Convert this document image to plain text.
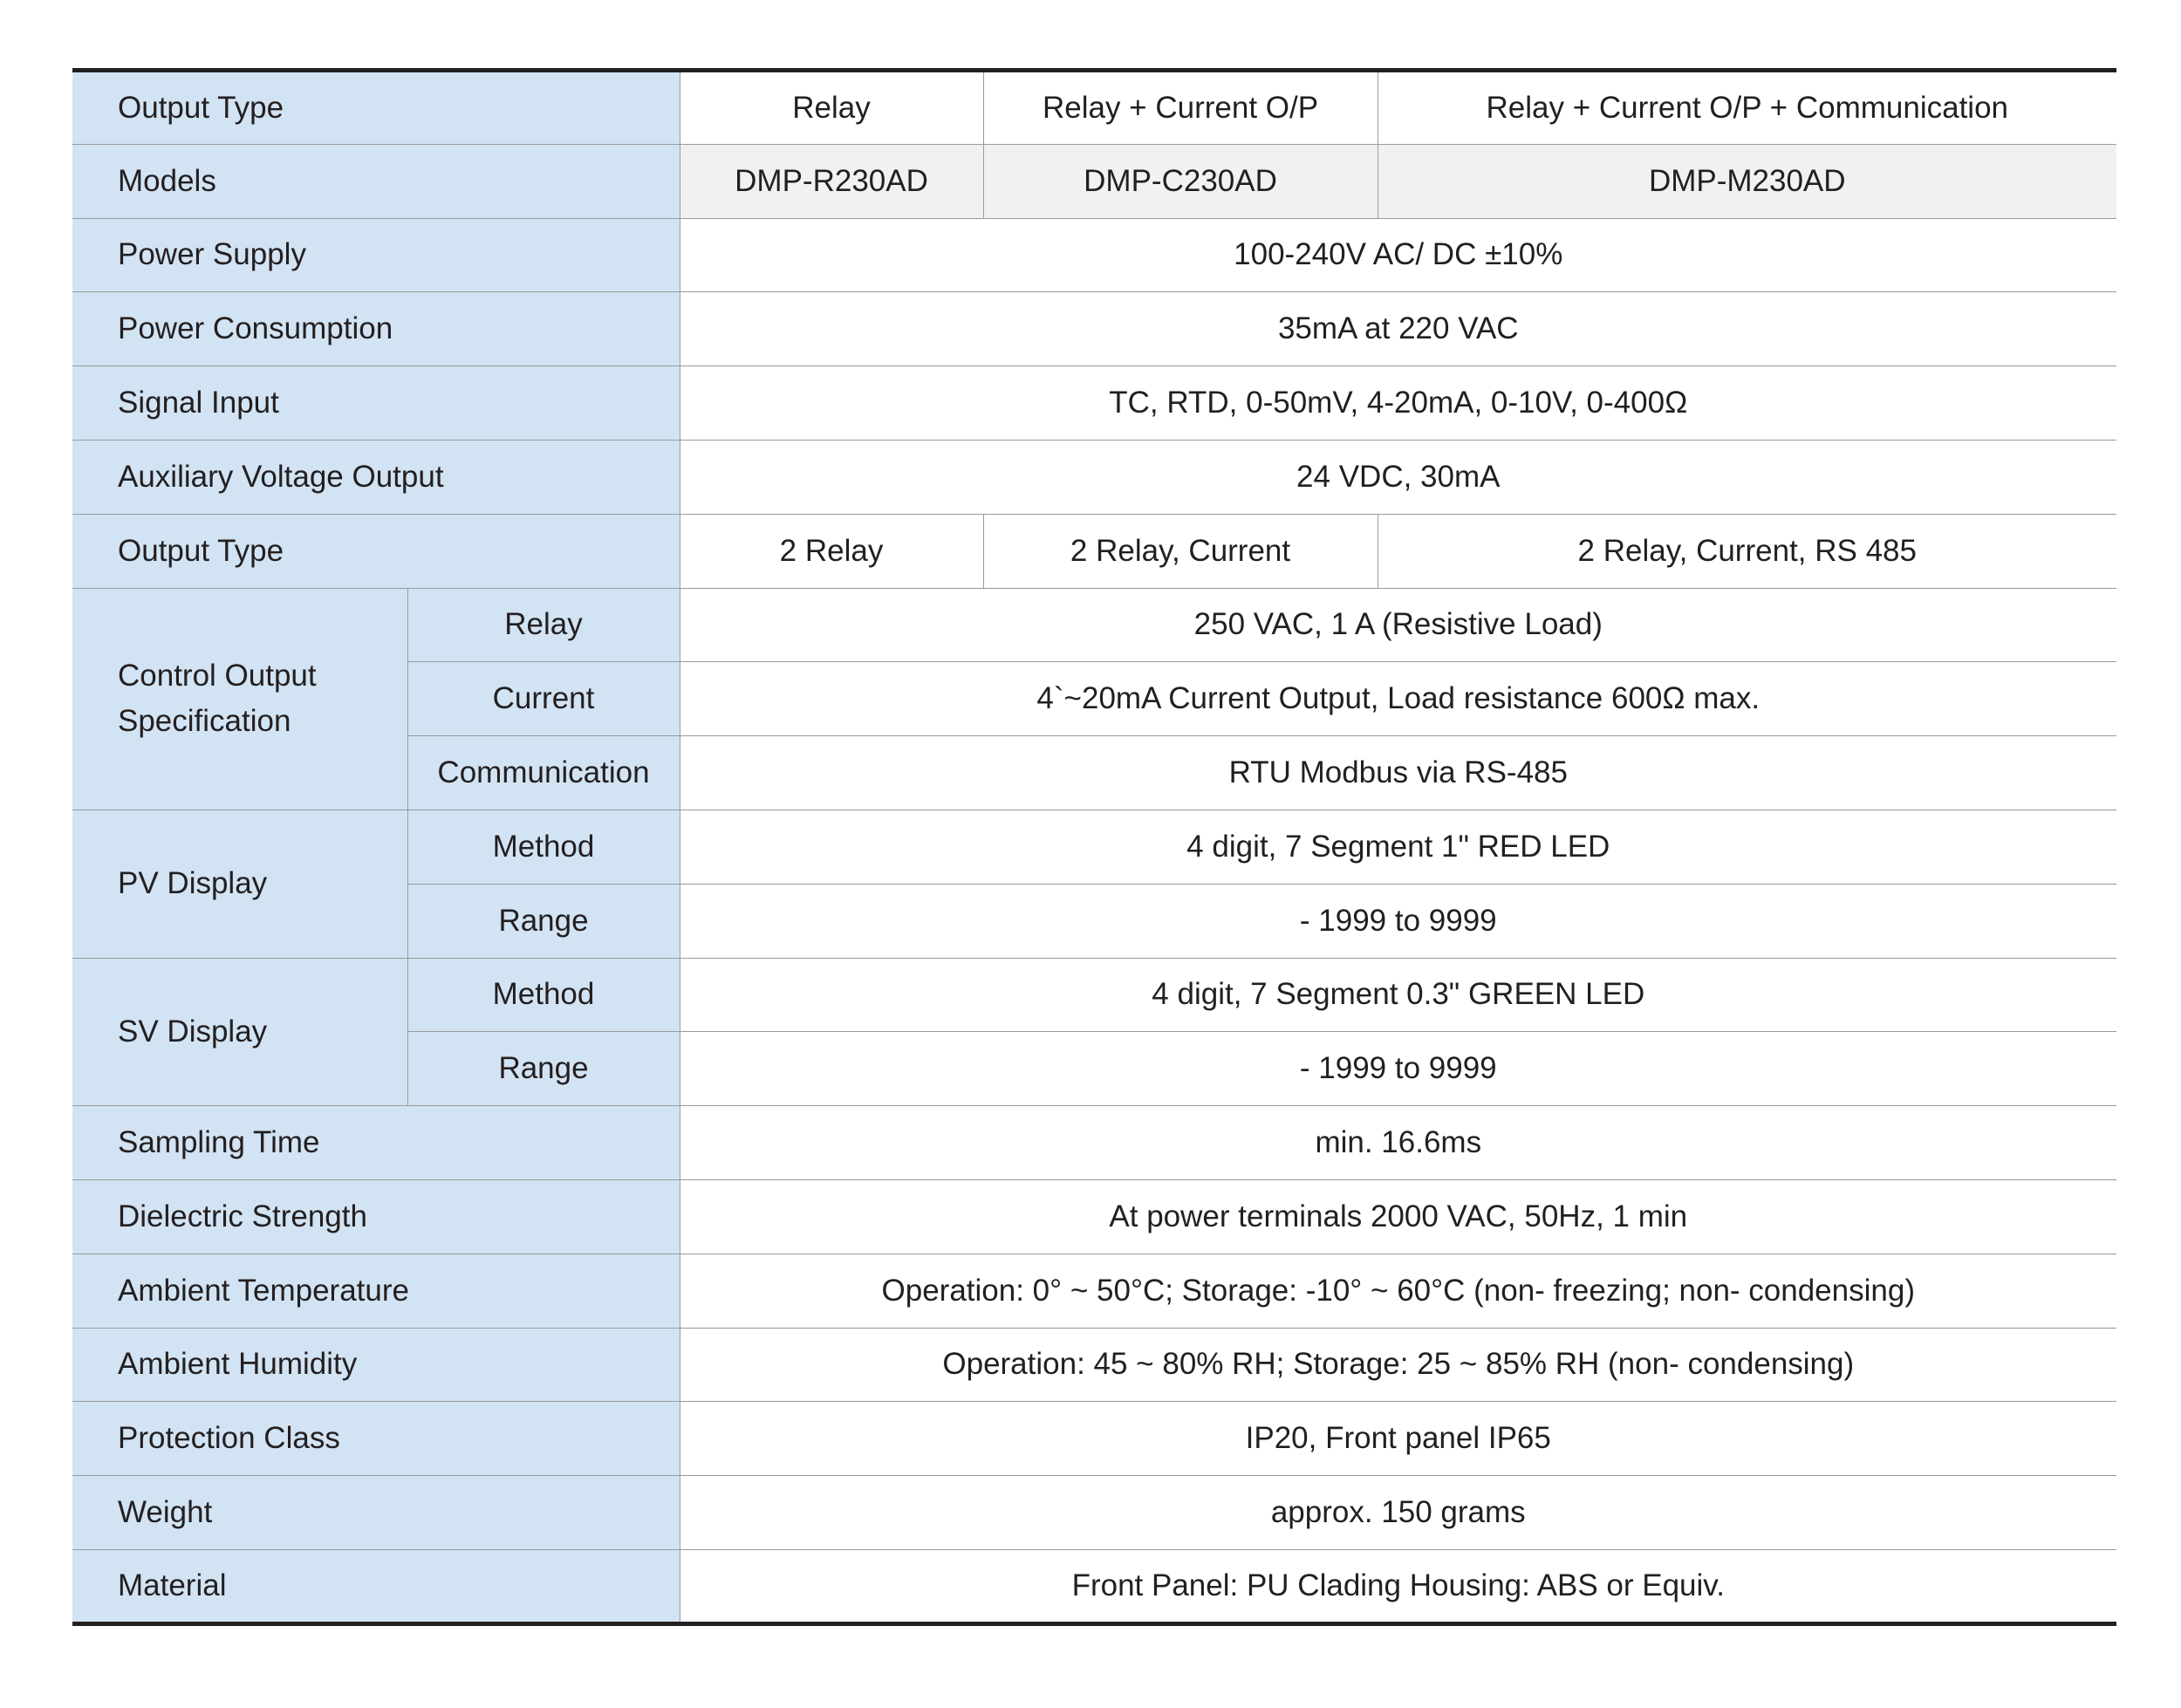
Output Type		Relay	Relay + Current O/P	Relay + Current O/P + Communication
Models		DMP-R230AD	DMP-C230AD	DMP-M230AD
Power Supply		100-240V AC/ DC ±10%		
Power Consumption		35mA at 220 VAC		
Signal Input		TC, RTD, 0-50mV, 4-20mA, 0-10V, 0-400Ω		
Auxiliary Voltage Output		24 VDC, 30mA		
Output Type		2 Relay	2 Relay, Current	2 Relay, Current, RS 485
Control Output
Specification	Relay	250 VAC, 1 A (Resistive Load)		
	Current	4`~20mA Current Output, Load resistance 600Ω max.		
	Communication	RTU Modbus via RS-485		
PV Display	Method	4 digit, 7 Segment 1" RED LED		
	Range	- 1999 to 9999		
SV Display	Method	4 digit, 7 Segment 0.3" GREEN LED		
	Range	- 1999 to 9999		
Sampling Time		min. 16.6ms		
Dielectric Strength		At power terminals 2000 VAC, 50Hz, 1 min		
Ambient Temperature		Operation: 0° ~ 50°C; Storage: -10° ~ 60°C (non- freezing; non- condensing)		
Ambient Humidity		Operation: 45 ~ 80% RH; Storage: 25 ~ 85% RH (non- condensing)		
Protection Class		IP20, Front panel IP65		
Weight		approx. 150 grams		
Material		Front Panel: PU Clading Housing: ABS or Equiv.		
